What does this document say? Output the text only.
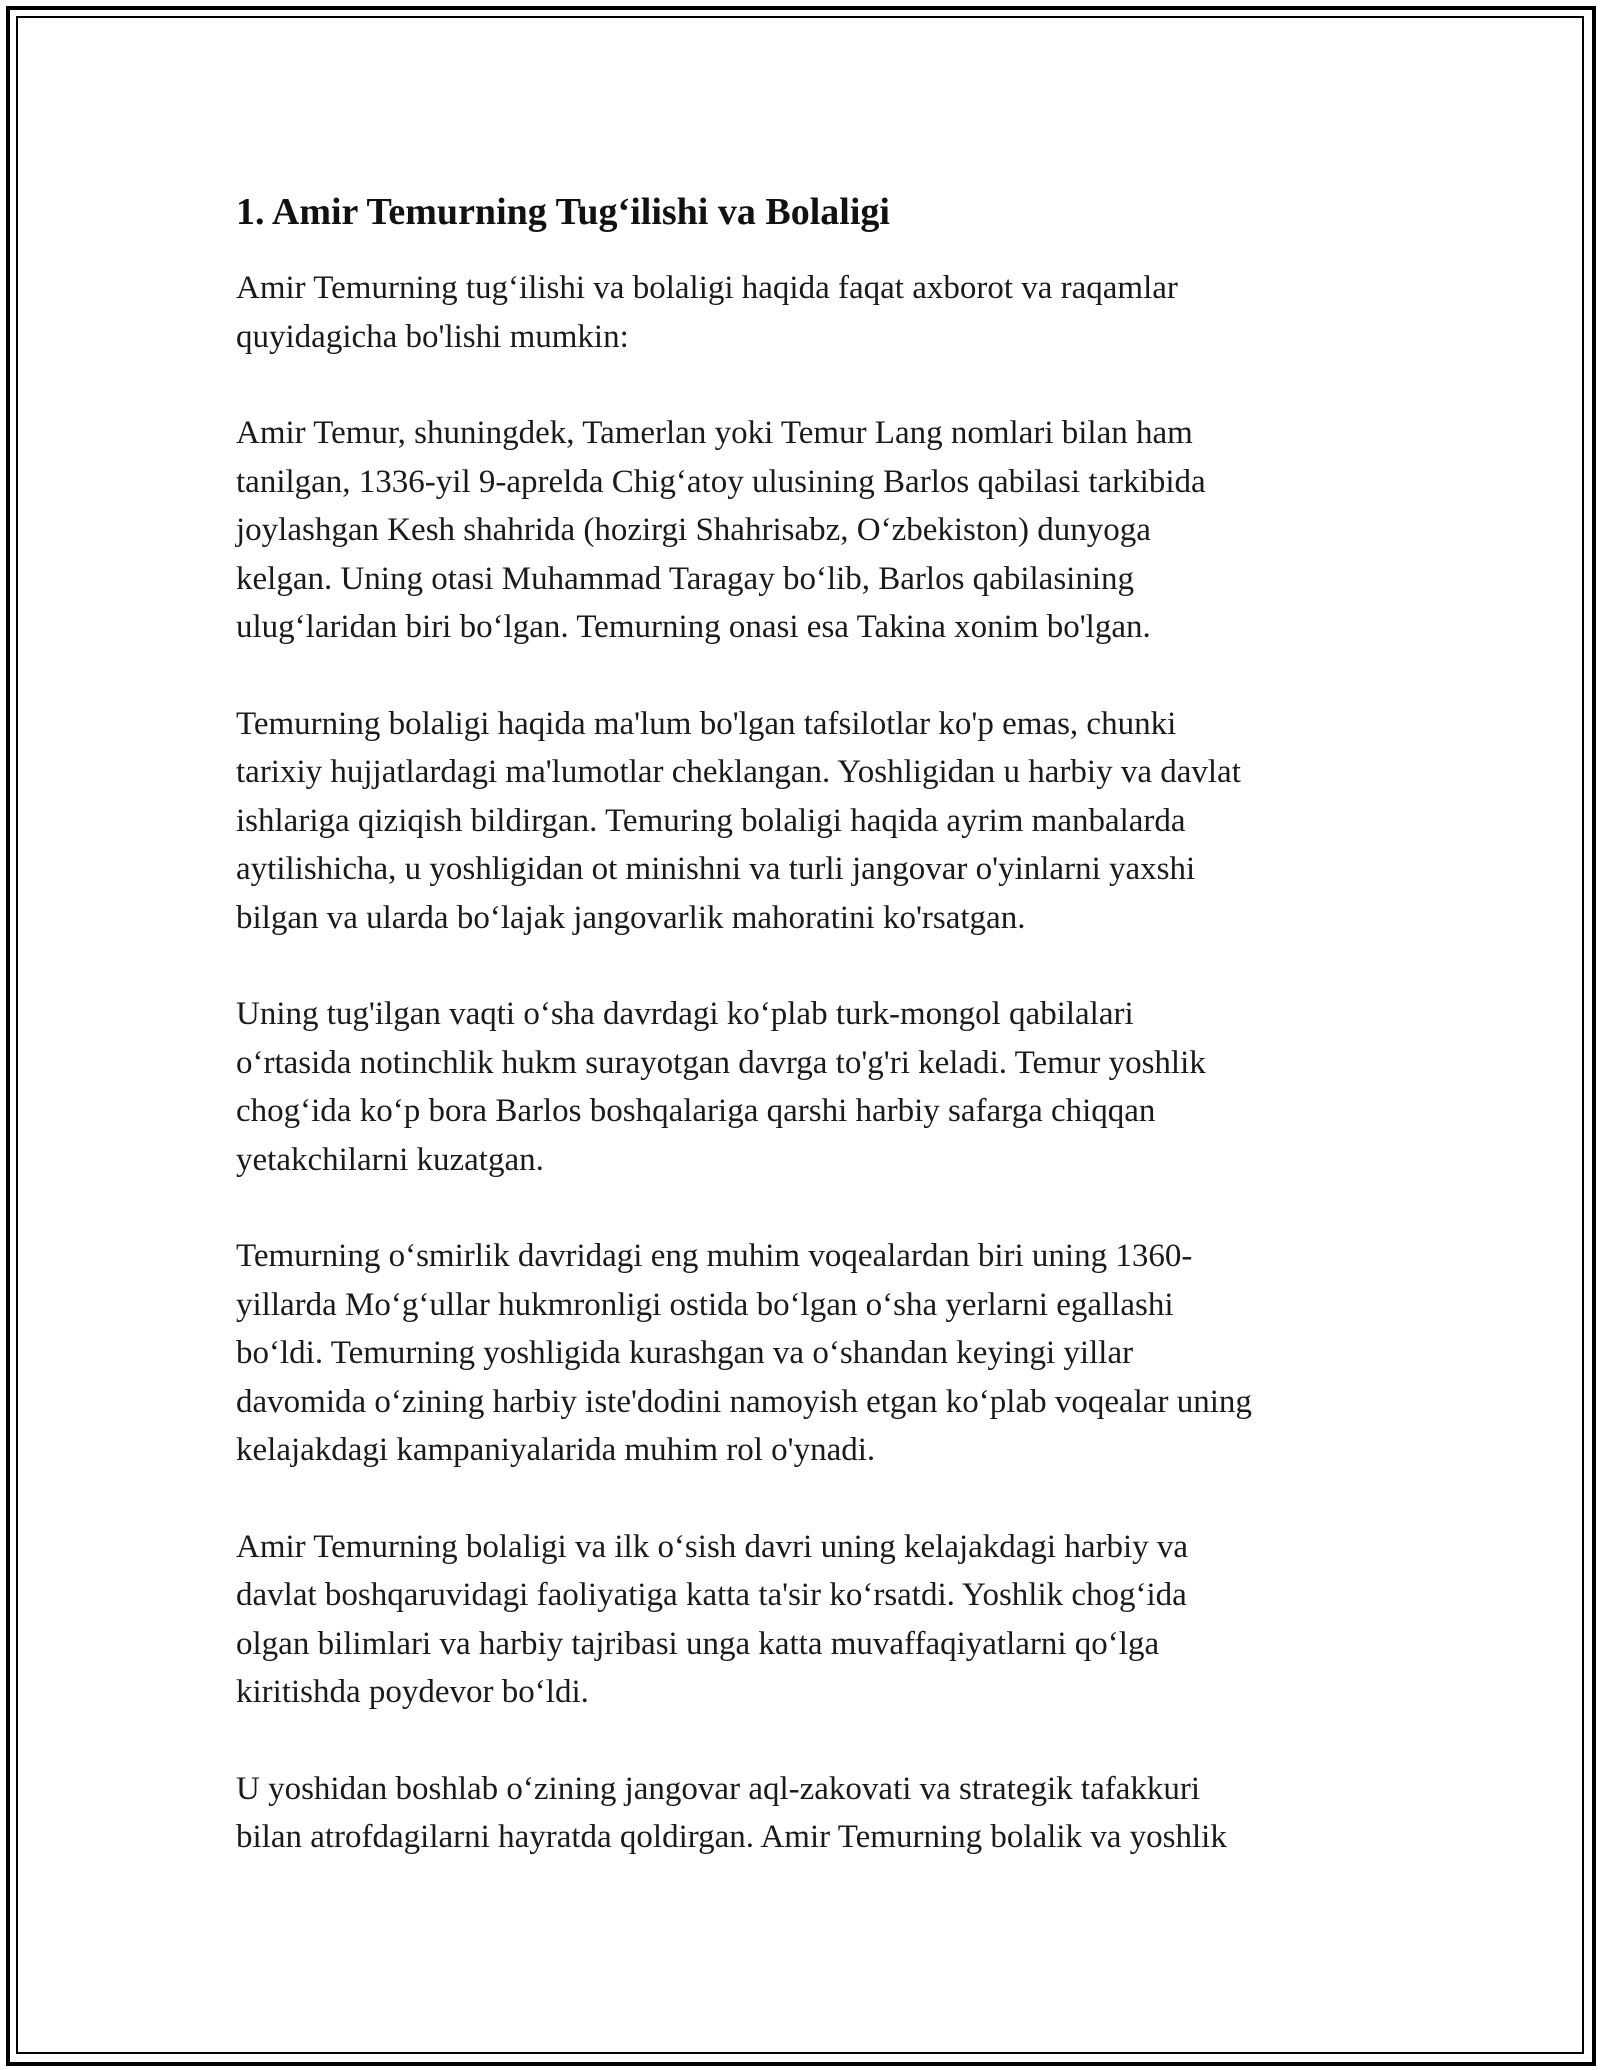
1. Amir Temurning Tug‘ilishi va Bolaligi

Amir Temurning tug‘ilishi va bolaligi haqida faqat axborot va raqamlar
quyidagicha bo'lishi mumkin:

Amir Temur, shuningdek, Tamerlan yoki Temur Lang nomlari bilan ham
tanilgan, 1336-yil 9-aprelda Chig‘atoy ulusining Barlos qabilasi tarkibida
joylashgan Kesh shahrida (hozirgi Shahrisabz, O‘zbekiston) dunyoga
kelgan. Uning otasi Muhammad Taragay bo‘lib, Barlos qabilasining
ulug‘laridan biri bo‘lgan. Temurning onasi esa Takina xonim bo'lgan.

Temurning bolaligi haqida ma'lum bo'lgan tafsilotlar ko'p emas, chunki
tarixiy hujjatlardagi ma'lumotlar cheklangan. Yoshligidan u harbiy va davlat
ishlariga qiziqish bildirgan. Temuring bolaligi haqida ayrim manbalarda
aytilishicha, u yoshligidan ot minishni va turli jangovar o'yinlarni yaxshi
bilgan va ularda bo‘lajak jangovarlik mahoratini ko'rsatgan.

Uning tug'ilgan vaqti o‘sha davrdagi ko‘plab turk-mongol qabilalari
o‘rtasida notinchlik hukm surayotgan davrga to'g'ri keladi. Temur yoshlik
chog‘ida ko‘p bora Barlos boshqalariga qarshi harbiy safarga chiqqan
yetakchilarni kuzatgan.

Temurning o‘smirlik davridagi eng muhim voqealardan biri uning 1360-
yillarda Mo‘g‘ullar hukmronligi ostida bo‘lgan o‘sha yerlarni egallashi
bo‘ldi. Temurning yoshligida kurashgan va o‘shandan keyingi yillar
davomida o‘zining harbiy iste'dodini namoyish etgan ko‘plab voqealar uning
kelajakdagi kampaniyalarida muhim rol o'ynadi.

Amir Temurning bolaligi va ilk o‘sish davri uning kelajakdagi harbiy va
davlat boshqaruvidagi faoliyatiga katta ta'sir ko‘rsatdi. Yoshlik chog‘ida
olgan bilimlari va harbiy tajribasi unga katta muvaffaqiyatlarni qo‘lga
kiritishda poydevor bo‘ldi.

U yoshidan boshlab o‘zining jangovar aql-zakovati va strategik tafakkuri
bilan atrofdagilarni hayratda qoldirgan. Amir Temurning bolalik va yoshlik
